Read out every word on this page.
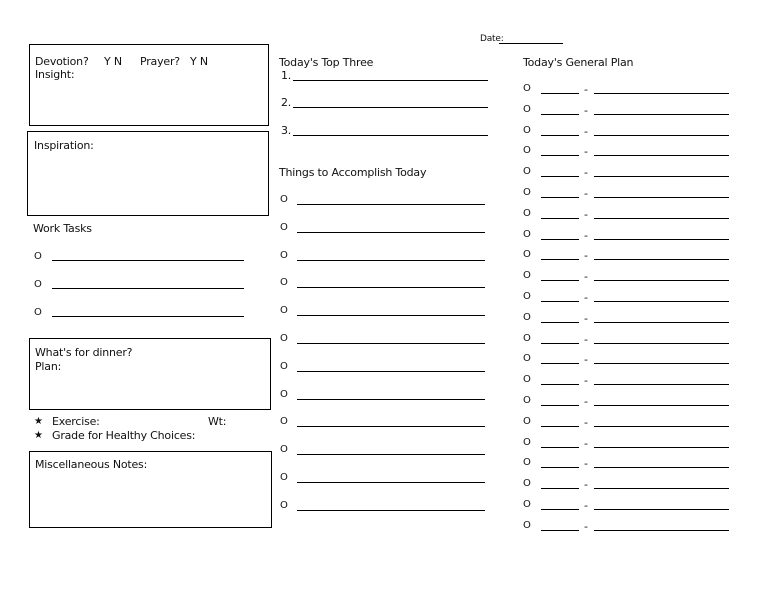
Date:
Devotion? Y N Prayer? Y N
Insight:
Inspiration:
Work Tasks
O
O
O
What's for dinner?
Plan:
★ Exercise:	Wt:
★ Grade for Healthy Choices:
Miscellaneous Notes:
Today's Top Three
1.
2.
3.
Things to Accomplish Today
O
O
O
O
O
O
O
O
O
O
O
O
Today's General Plan
O	-
O	-
O	-
O	-
O	-
O	-
O	-
O	-
O	-
O	-
O	-
O	-
O	-
O	-
O	-
O	-
O	-
O	-
O	-
O	-
O	-
O	-
